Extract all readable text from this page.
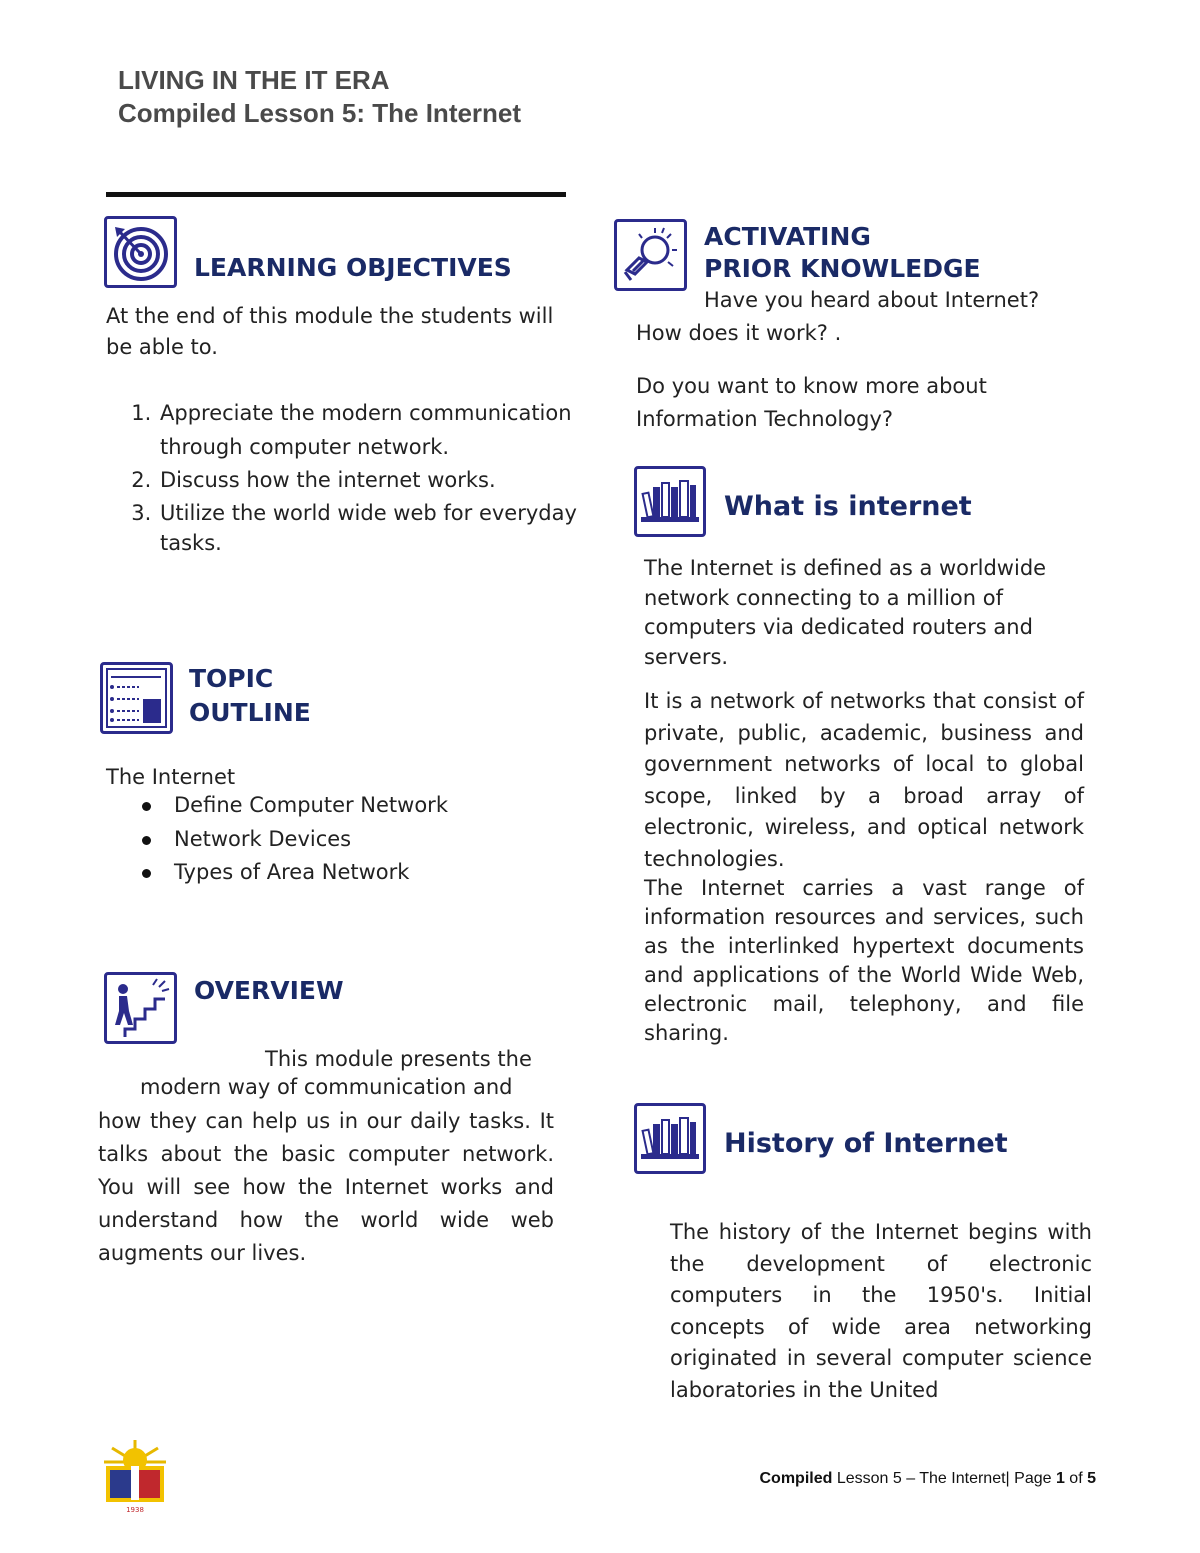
LIVING IN THE IT ERA
Compiled Lesson 5: The Internet
LEARNING OBJECTIVES

At the end of this module the students will be able to.

1. Appreciate the modern communication through computer network.
2. Discuss how the internet works.
3. Utilize the world wide web for everyday tasks.
TOPIC
OUTLINE

The Internet

Define Computer Network
Network Devices
Types of Area Network
OVERVIEW

This module presents the

modern way of communication and

how they can help us in our daily tasks. It talks about the basic computer network. You will see how the Internet works and understand how the world wide web augments our lives.

ACTIVATING
PRIOR KNOWLEDGE

Have you heard about Internet?

How does it work? .

Do you want to know more about Information Technology?

What is internet

The Internet is defined as a worldwide network connecting to a million of computers via dedicated routers and servers.

It is a network of networks that consist of private, public, academic, business and government networks of local to global scope, linked by a broad array of electronic, wireless, and optical network technologies.

The Internet carries a vast range of information resources and services, such as the interlinked hypertext documents and applications of the World Wide Web, electronic mail, telephony, and file sharing.

History of Internet

The history of the Internet begins with the development of electronic computers in the 1950's. Initial concepts of wide area networking originated in several computer science laboratories in the United

1938
Compiled Lesson 5 – The Internet| Page 1 of 5
